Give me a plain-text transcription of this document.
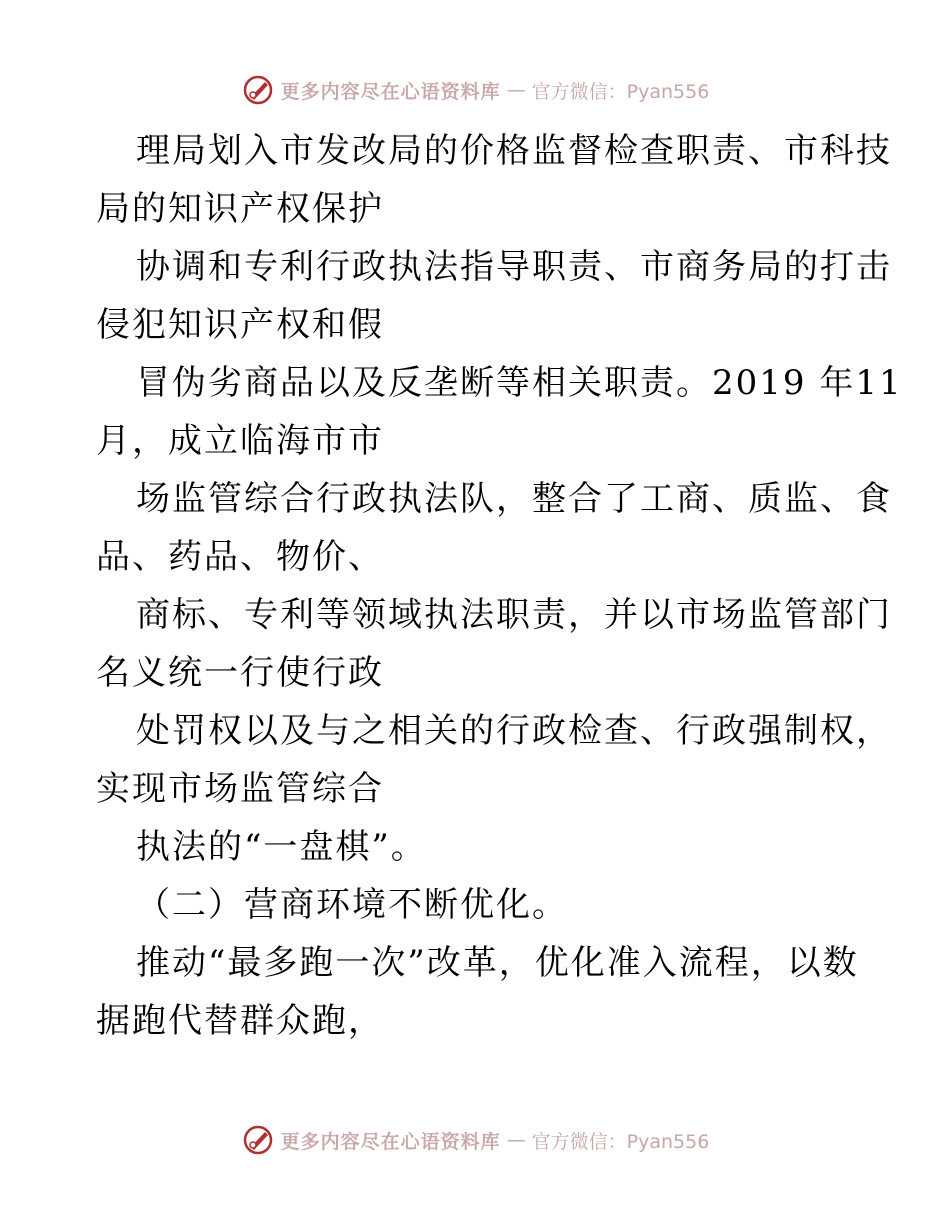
更多内容尽在心语资料库 — 官方微信：Pyan556
理局划入市发改局的价格监督检查职责、市科技
局的知识产权保护
协调和专利行政执法指导职责、市商务局的打击
侵犯知识产权和假
冒伪劣商品以及反垄断等相关职责。2019 年11
月，成立临海市市
场监管综合行政执法队，整合了工商、质监、食
品、药品、物价、
商标、专利等领域执法职责，并以市场监管部门
名义统一行使行政
处罚权以及与之相关的行政检查、行政强制权，
实现市场监管综合
执法的“一盘棋”。
（二）营商环境不断优化。
推动“最多跑一次”改革，优化准入流程，以数
据跑代替群众跑，
更多内容尽在心语资料库 — 官方微信：Pyan556
